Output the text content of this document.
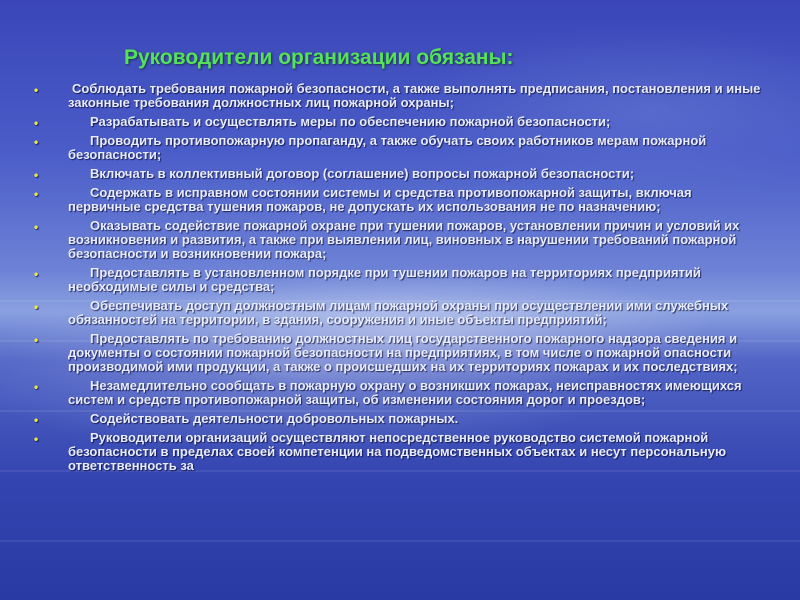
Руководители организации обязаны:
•	Соблюдать требования пожарной безопасности, а также выполнять предписания, постановления и иные законные требования должностных лиц пожарной охраны;
•	Разрабатывать и осуществлять меры по обеспечению пожарной безопасности;
•	Проводить противопожарную пропаганду, а также обучать своих работников мерам пожарной безопасности;
•	Включать в коллективный договор (соглашение) вопросы пожарной безопасности;
•	Содержать в исправном состоянии системы и средства противопожарной защиты, включая первичные средства тушения пожаров, не допускать их использования не по назначению;
•	Оказывать содействие пожарной охране при тушении пожаров, установлении причин и условий их возникновения и развития, а также при выявлении лиц, виновных в нарушении требований пожарной безопасности и возникновении пожара;
•	Предоставлять в установленном порядке при тушении пожаров на территориях предприятий необходимые силы и средства;
•	Обеспечивать доступ должностным лицам пожарной охраны при осуществлении ими служебных обязанностей на территории, в здания, сооружения и иные объекты предприятий;
•	Предоставлять по требованию должностных лиц государственного пожарного надзора сведения и документы о состоянии пожарной безопасности на предприятиях, в том числе о пожарной опасности производимой ими продукции, а также о происшедших на их территориях пожарах и их последствиях;
•	Незамедлительно сообщать в пожарную охрану о возникших пожарах, неисправностях имеющихся систем и средств противопожарной защиты, об изменении состояния дорог и проездов;
•	Содействовать деятельности добровольных пожарных.
•	Руководители организаций осуществляют непосредственное руководство системой пожарной безопасности в пределах своей компетенции на подведомственных объектах и несут персональную ответственность за
